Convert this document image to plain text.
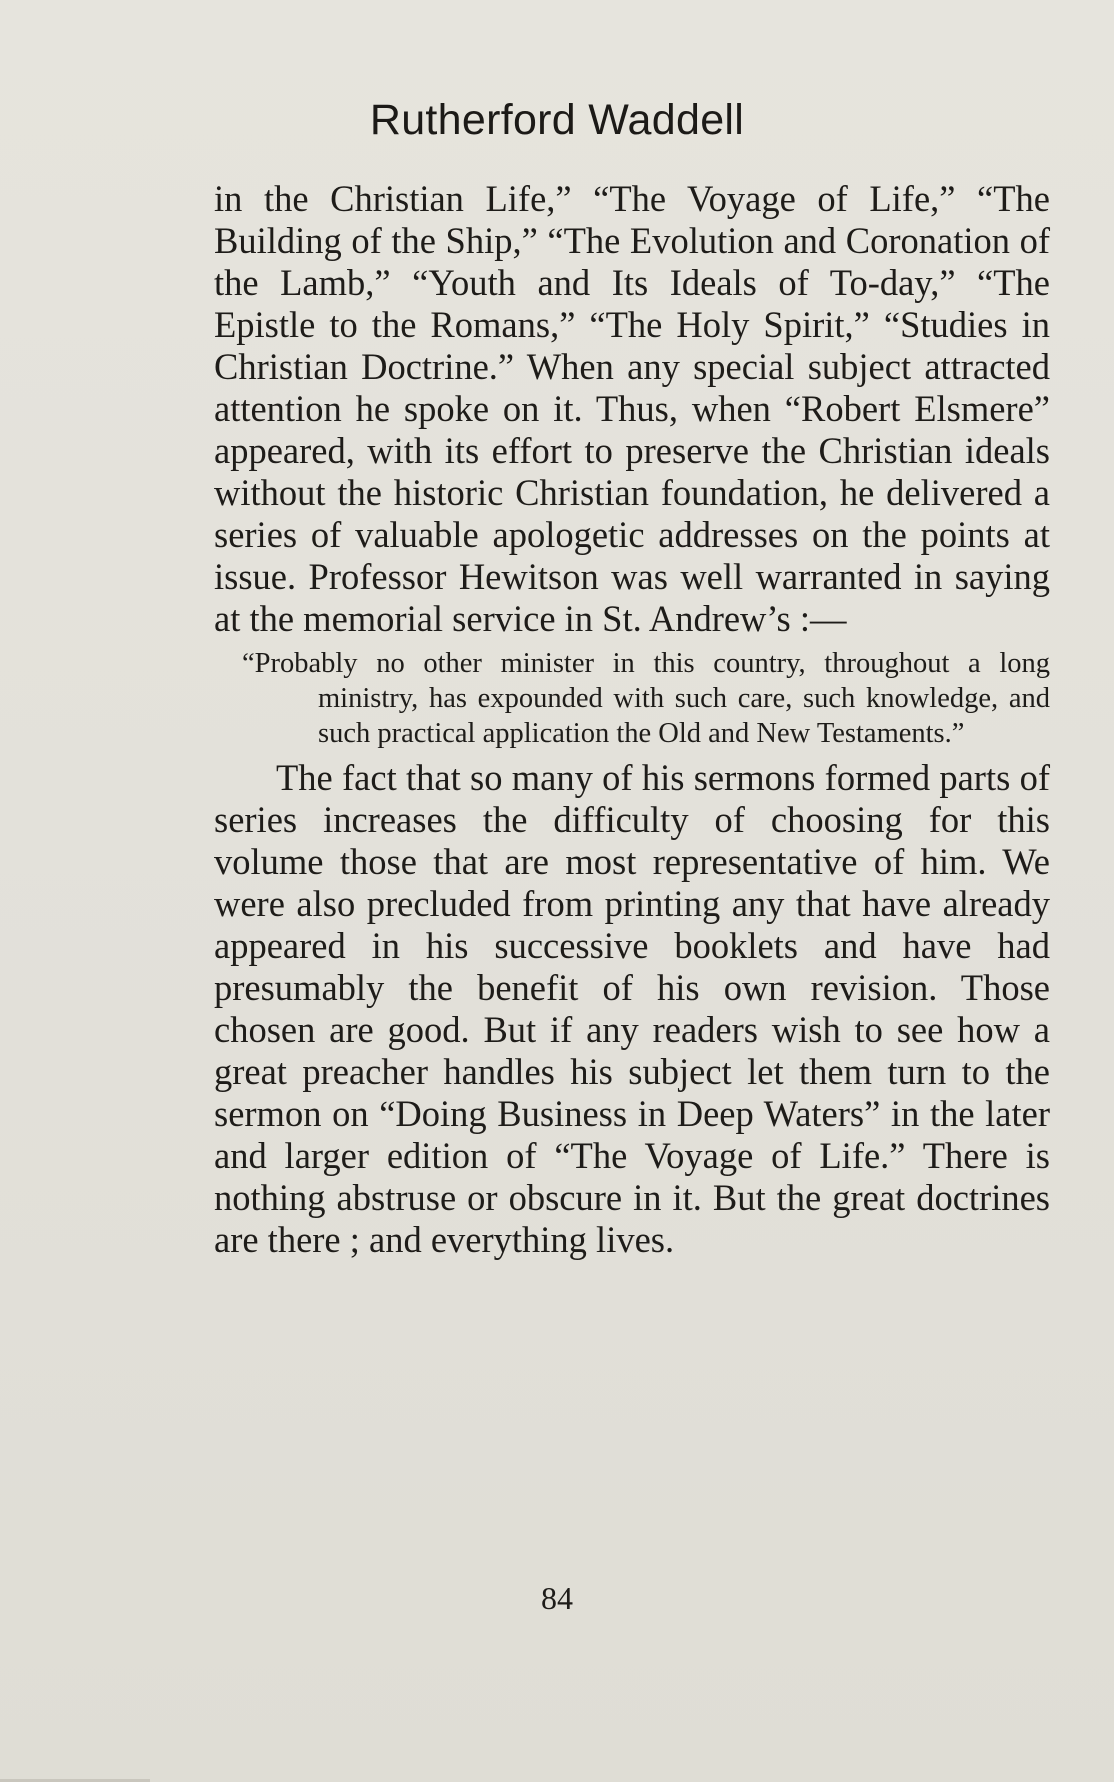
Rutherford Waddell

in the Christian Life,” “The Voyage of Life,” “The Building of the Ship,” “The Evolution and Coronation of the Lamb,” “Youth and Its Ideals of To-day,” “The Epistle to the Romans,” “The Holy Spirit,” “Studies in Christian Doctrine.” When any special subject attracted attention he spoke on it. Thus, when “Robert Elsmere” appeared, with its effort to preserve the Christian ideals without the historic Christian foundation, he delivered a series of valuable apologetic addresses on the points at issue. Professor Hewitson was well warranted in saying at the memorial service in St. Andrew’s :—

“Probably no other minister in this country, throughout a long ministry, has expounded with such care, such knowledge, and such practical application the Old and New Testaments.”

The fact that so many of his sermons formed parts of series increases the difficulty of choosing for this volume those that are most representative of him. We were also precluded from printing any that have already appeared in his successive booklets and have had presumably the benefit of his own revision. Those chosen are good. But if any readers wish to see how a great preacher handles his subject let them turn to the sermon on “Doing Business in Deep Waters” in the later and larger edition of “The Voyage of Life.” There is nothing abstruse or obscure in it. But the great doctrines are there ; and everything lives.

84
